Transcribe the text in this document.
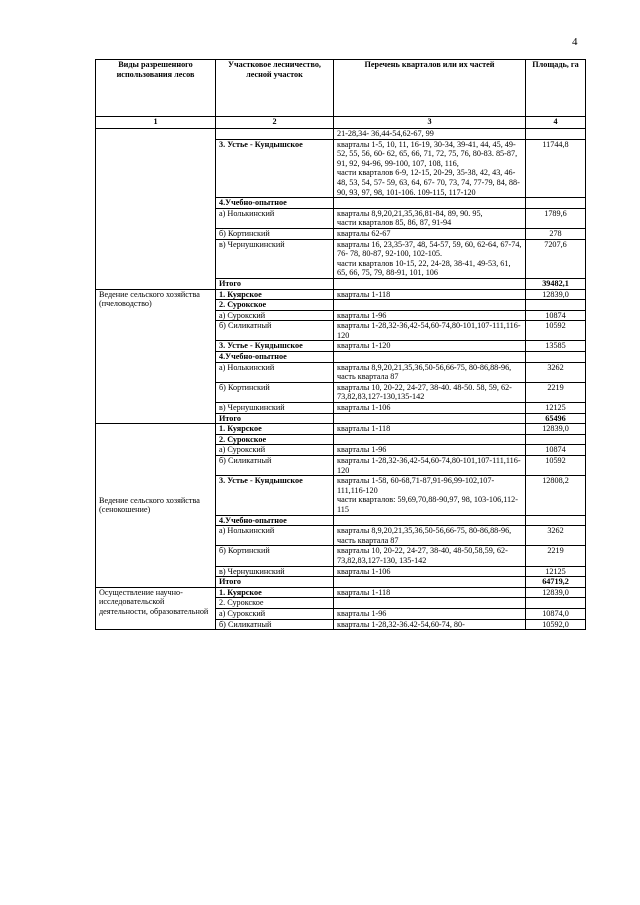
4
Виды разрешенного использования лесов	Участковое лесничество, лесной участок	Перечень кварталов или их частей	Площадь, га
1	2	3	4
		21-28,34- 36,44-54,62-67, 99	
	3. Устье - Кундышское	кварталы 1-5, 10, 11, 16-19, 30-34, 39-41, 44, 45, 49-52, 55, 56, 60- 62, 65, 66, 71, 72, 75, 76, 80-83. 85-87, 91, 92, 94-96, 99-100, 107, 108, 116,
части кварталов 6-9, 12-15, 20-29, 35-38, 42, 43, 46-48, 53, 54, 57- 59, 63, 64, 67- 70, 73, 74, 77-79, 84, 88-90, 93, 97, 98, 101-106. 109-115, 117-120	11744,8
	4.Учебно-опытное		
	а) Нолькинский	кварталы 8,9,20,21,35,36,81-84, 89, 90. 95,
части кварталов 85, 86, 87, 91-94	1789,6
	б) Кортинский	кварталы 62-67	278
	в) Чернушкинский	кварталы 16, 23,35-37, 48, 54-57, 59, 60, 62-64, 67-74, 76- 78, 80-87, 92-100, 102-105.
части кварталов 10-15, 22, 24-28, 38-41, 49-53, 61, 65, 66, 75, 79, 88-91, 101, 106	7207,6
	Итого		39482,1
Ведение сельского хозяйства (пчеловодство)	1. Куярское	кварталы 1-118	12839,0
	2. Сурокское		
	а) Сурокский	кварталы 1-96	10874
	б) Силикатный	кварталы 1-28,32-36,42-54,60-74,80-101,107-111,116-120	10592
	3. Устье - Кундышское	кварталы 1-120	13585
	4.Учебно-опытное		
	а) Нолькинский	кварталы 8,9,20,21,35,36,50-56,66-75, 80-86,88-96,
часть квартала 87	3262
	б) Кортинский	кварталы 10, 20-22, 24-27, 38-40. 48-50. 58, 59, 62-73,82,83,127-130,135-142	2219
	в) Чернушкинский	кварталы 1-106	12125
	Итого		65496
Ведение сельского хозяйства (сенокошение)	1. Куярское	кварталы 1-118	12839,0
	2. Сурокское		
	а) Сурокский	кварталы 1-96	10874
	б) Силикатный	кварталы 1-28,32-36,42-54,60-74,80-101,107-111,116-120	10592
	3. Устье - Кундышское	кварталы 1-58, 60-68,71-87,91-96,99-102,107-111,116-120
части кварталов: 59,69,70,88-90,97, 98, 103-106,112-115	12808,2
	4.Учебно-опытное		
	а) Нолькинский	кварталы 8,9,20,21,35,36,50-56,66-75, 80-86,88-96,
часть квартала 87	3262
	б) Кортинский	кварталы 10, 20-22, 24-27, 38-40, 48-50,58,59, 62-73,82,83,127-130, 135-142	2219
	в) Чернушкинский	кварталы 1-106	12125
	Итого		64719,2
Осуществление научно-исследовательской деятельности, образовательной	1. Куярское	кварталы 1-118	12839,0
	2. Сурокское		
	а) Сурокский	кварталы 1-96	10874,0
	б) Силикатный	кварталы 1-28,32-36.42-54,60-74, 80-	10592,0
